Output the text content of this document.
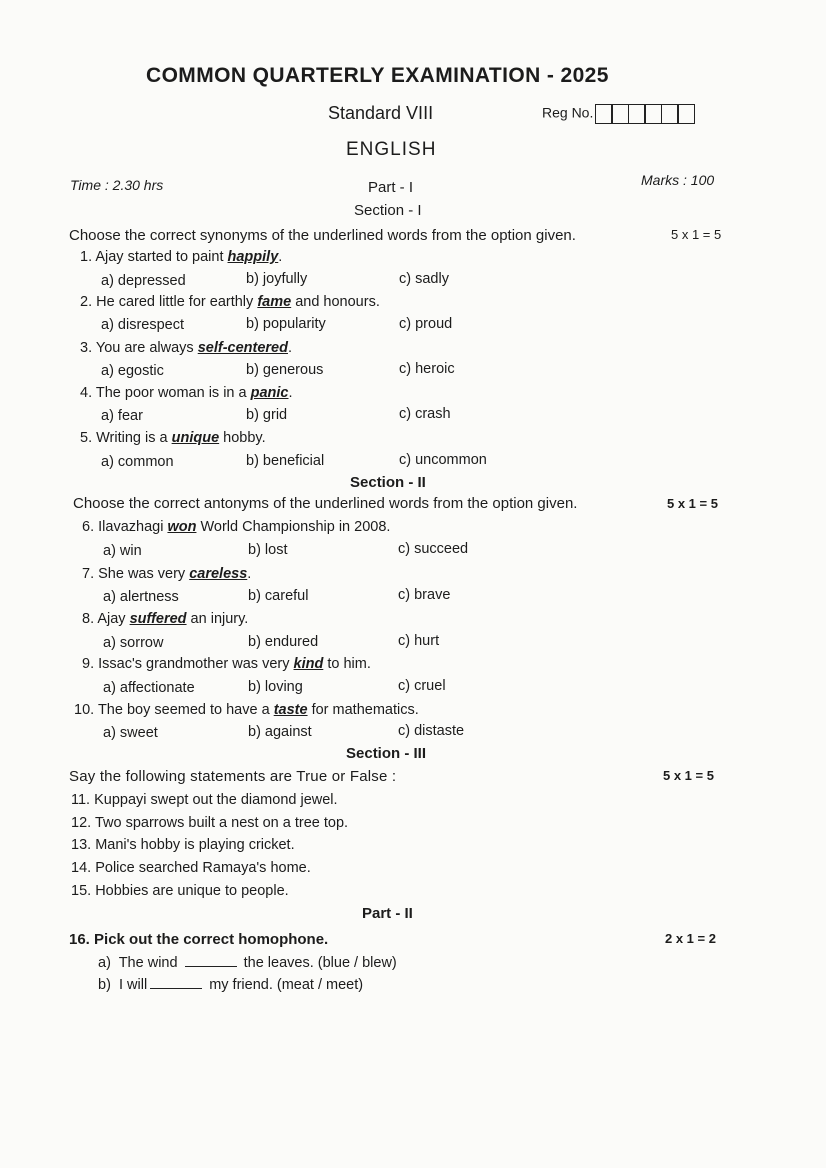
COMMON QUARTERLY EXAMINATION - 2025
Standard VIII	Reg No.
ENGLISH
Time : 2.30 hrs	Marks : 100
Part - I
Section - I
Choose the correct synonyms of the underlined words from the option given.	5 x 1 = 5
1. Ajay started to paint happily.
a) depressed	b) joyfully	c) sadly
2. He cared little for earthly fame and honours.
a) disrespect	b) popularity	c) proud
3. You are always self-centered.
a) egostic	b) generous	c) heroic
4. The poor woman is in a panic.
a) fear	b) grid	c) crash
5. Writing is a unique hobby.
a) common	b) beneficial	c) uncommon
Section - II
Choose the correct antonyms of the underlined words from the option given.	5 x 1 = 5
6. Ilavazhagi won World Championship in 2008.
a) win	b) lost	c) succeed
7. She was very careless.
a) alertness	b) careful	c) brave
8. Ajay suffered an injury.
a) sorrow	b) endured	c) hurt
9. Issac's grandmother was very kind to him.
a) affectionate	b) loving	c) cruel
10. The boy seemed to have a taste for mathematics.
a) sweet	b) against	c) distaste
Section - III
Say the following statements are True or False :	5 x 1 = 5
11. Kuppayi swept out the diamond jewel.
12. Two sparrows built a nest on a tree top.
13. Mani's hobby is playing cricket.
14. Police searched Ramaya's home.
15. Hobbies are unique to people.
Part - II
16. Pick out the correct homophone.	2 x 1 = 2
a) The wind	the leaves. (blue / blew)
b) I will	my friend. (meat / meet)
